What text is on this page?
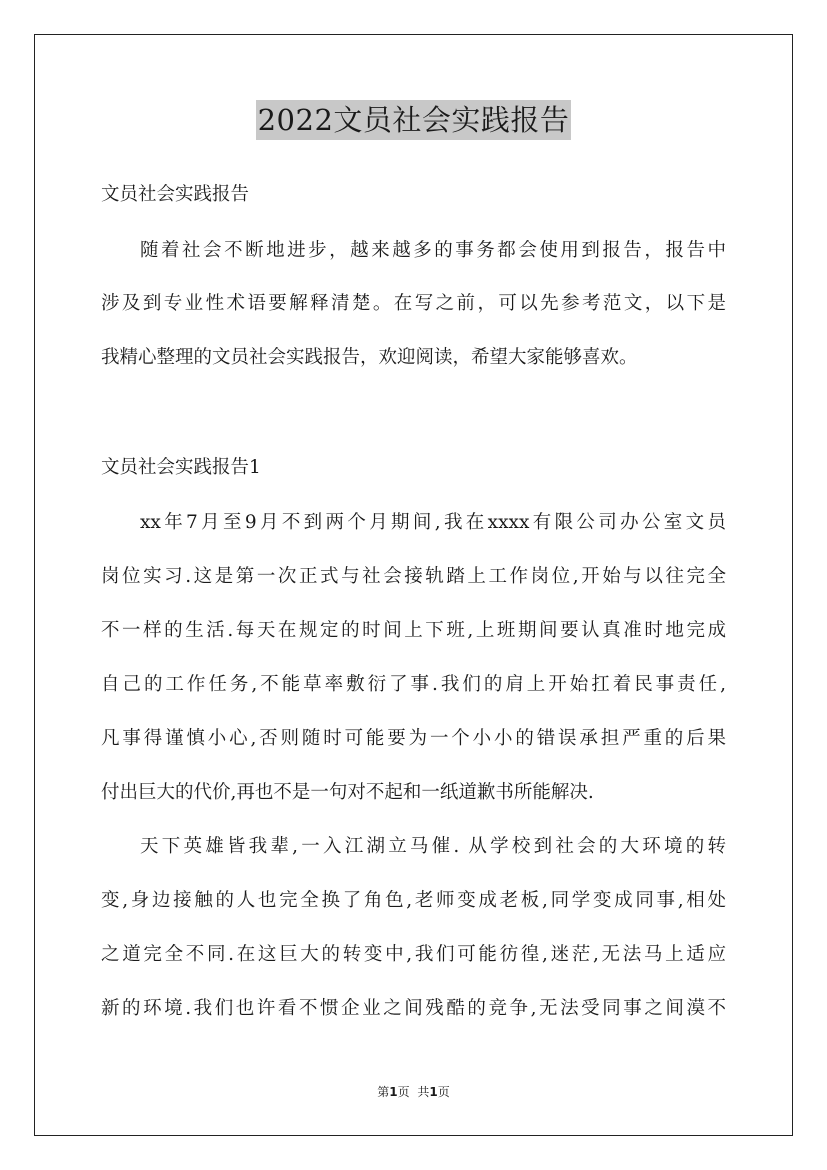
2022文员社会实践报告
文员社会实践报告
随着社会不断地进步，越来越多的事务都会使用到报告，报告中
涉及到专业性术语要解释清楚。在写之前，可以先参考范文，以下是
我精心整理的文员社会实践报告，欢迎阅读，希望大家能够喜欢。
文员社会实践报告1
xx年7月至9月不到两个月期间,我在xxxx有限公司办公室文员
岗位实习.这是第一次正式与社会接轨踏上工作岗位,开始与以往完全
不一样的生活.每天在规定的时间上下班,上班期间要认真准时地完成
自己的工作任务,不能草率敷衍了事.我们的肩上开始扛着民事责任,
凡事得谨慎小心,否则随时可能要为一个小小的错误承担严重的后果
付出巨大的代价,再也不是一句对不起和一纸道歉书所能解决.
天下英雄皆我辈,一入江湖立马催. 从学校到社会的大环境的转
变,身边接触的人也完全换了角色,老师变成老板,同学变成同事,相处
之道完全不同.在这巨大的转变中,我们可能彷徨,迷茫,无法马上适应
新的环境.我们也许看不惯企业之间残酷的竞争,无法受同事之间漠不
第1页 共1页
